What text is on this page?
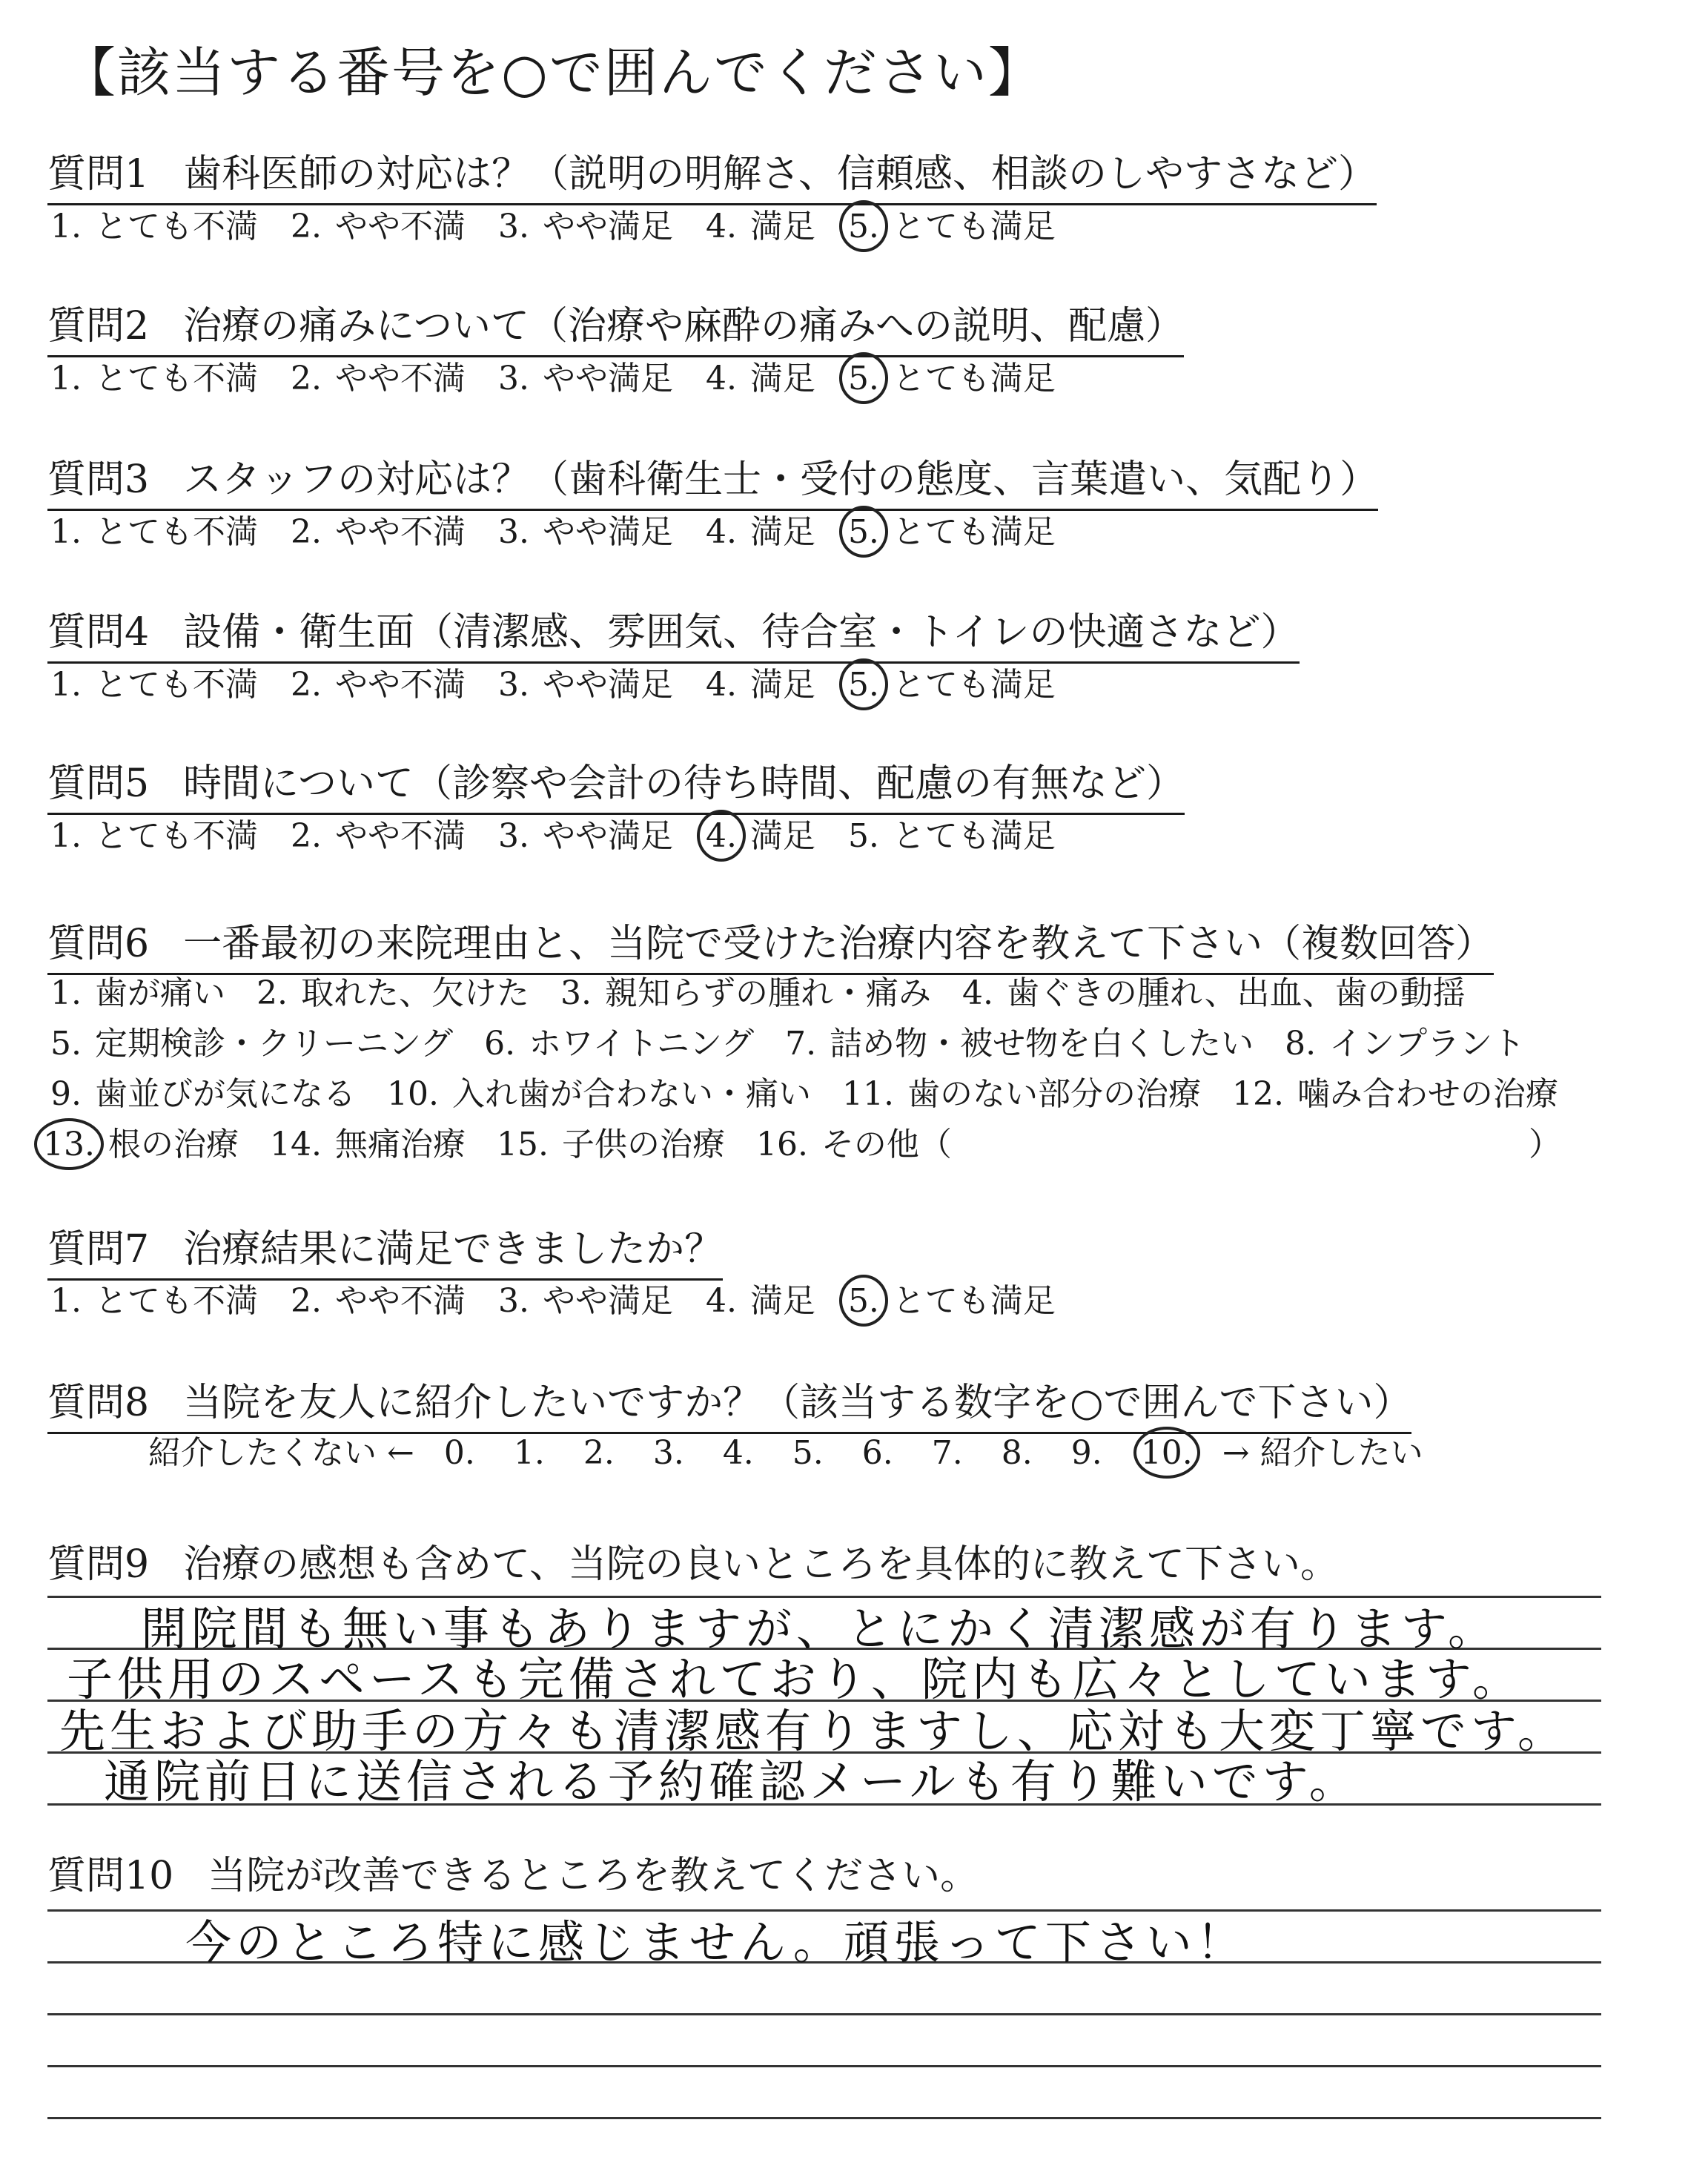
【該当する番号を○で囲んでください】
質問1 歯科医師の対応は？（説明の明解さ、信頼感、相談のしやすさなど）
1. とても不満 2. やや不満 3. やや満足 4. 満足 5. とても満足
質問2 治療の痛みについて（治療や麻酔の痛みへの説明、配慮）
1. とても不満 2. やや不満 3. やや満足 4. 満足 5. とても満足
質問3 スタッフの対応は？（歯科衛生士・受付の態度、言葉遣い、気配り）
1. とても不満 2. やや不満 3. やや満足 4. 満足 5. とても満足
質問4 設備・衛生面（清潔感、雰囲気、待合室・トイレの快適さなど）
1. とても不満 2. やや不満 3. やや満足 4. 満足 5. とても満足
質問5 時間について（診察や会計の待ち時間、配慮の有無など）
1. とても不満 2. やや不満 3. やや満足 4. 満足 5. とても満足
質問6 一番最初の来院理由と、当院で受けた治療内容を教えて下さい（複数回答）
1. 歯が痛い 2. 取れた、欠けた 3. 親知らずの腫れ・痛み 4. 歯ぐきの腫れ、出血、歯の動揺
5. 定期検診・クリーニング 6. ホワイトニング 7. 詰め物・被せ物を白くしたい 8. インプラント
9. 歯並びが気になる 10. 入れ歯が合わない・痛い 11. 歯のない部分の治療 12. 噛み合わせの治療
13. 根の治療 14. 無痛治療 15. 子供の治療 16. その他（	）
質問7 治療結果に満足できましたか？
1. とても不満 2. やや不満 3. やや満足 4. 満足 5. とても満足
質問8 当院を友人に紹介したいですか？（該当する数字を○で囲んで下さい）
紹介したくない ← 0. 1. 2. 3. 4. 5. 6. 7. 8. 9. 10. → 紹介したい
質問9 治療の感想も含めて、当院の良いところを具体的に教えて下さい。
開院間も無い事もありますが、とにかく清潔感が有ります。
子供用のスペースも完備されており、院内も広々としています。
先生および助手の方々も清潔感有りますし、応対も大変丁寧です。
通院前日に送信される予約確認メールも有り難いです。
質問10 当院が改善できるところを教えてください。
今のところ特に感じません。頑張って下さい！
